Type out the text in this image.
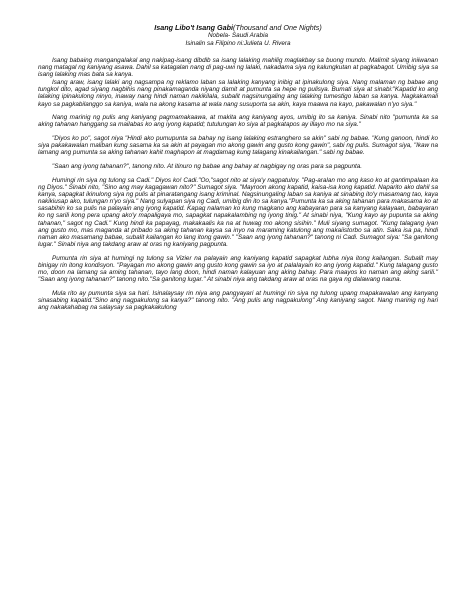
Isang Libo't Isang Gabi(Thousand and One Nights)
Nobela- Saudi Arabia
Isinalin sa Filipino ni:Julieta U. Rivera

Isang babaing mangangalakal ang nakipag-isang dibdib sa isang lalaking mahilig maglakbay sa buong mundo. Malimit siyang iniiwanan nang matagal ng kaniyang asawa. Dahil sa katagalan nang di pag-uwi ng lalaki, nakadama siya ng kalungkutan at pagkabagot. Umibig siya sa isang lalaking mas bata sa kanya.

Isang araw, isang lalaki ang nagsampa ng reklamo laban sa lalaking kanyang inibig at ipinakulong siya. Nang malaman ng babae ang tungkol dito, agad siyang nagbihis nang pinakamaganda niyang damit at pumunta sa hepe ng pulisya. Bumati siya at sinabi:"Kapatid ko ang lalaking ipinakulong ninyo, inaway nang hindi naman nakikilala, subalit nagsinungaling ang lalaking tumestigo laban sa kanya. Nagkakamali kayo sa pagkabilanggo sa kaniya, wala na akong kasama at wala nang susuporta sa akin, kaya maawa na kayo, pakawalan n'yo siya."

Nang marinig ng pulis ang kaniyang pagmamakaawa, at makita ang kaniyang ayos, umibig ito sa kaniya. Sinabi nito "pumunta ka sa aking tahanan hanggang sa mailabas ko ang iyong kapatid; tutulungan ko siya at pagkatapos ay illayo mo na siya."

"Diyos ko po", sagot niya "Hindi ako pumupunta sa bahay ng isang lalaking estrangherо sa akin" sabi ng babae. "Kung ganoon, hindi ko siya pakakawalan maliban kung sasama ka sa akin at payagan mo akong gawin ang gusto kong gawin", sabi ng pulis. Sumagot siya, "Ikaw na lamang ang pumunta sa aking tahanan kahit maghapon at magdamag kung talagang kinakailangan." sabi ng babae.

"Saan ang iyong tahanan?", tanong nito. At itinuro ng babae ang bahay at nagbigay ng oras para sa pagpunta.

Humingi rin siya ng tulong sa Cadi." Diyos ko! Cadi."Oo,"sagot nito at siya'y nagpatuloy. "Pag-aralan mo ang kaso ko at gantimpalaan ka ng Diyos." Sinabi nito, "Sino ang may kagagawan nito?" Sumagot siya. "Mayroon akong kapatid, kaisa-isa kong kapatid. Naparito ako dahil sa kanya, sapagkat ikinulong siya ng pulis at pinaratangang isang kriminal. Nagsinungaling laban sa kaniya at sinabing ito'y masamang tao, kaya nakikiusap ako, tulungan n'yo siya." Nang sulyapan siya ng Cadi, umibig din ito sa kanya."Pumunta ka sa aking tahanan para makasama ko at sasabihin ko sa pulis na palayain ang iyong kapatid. Kapag nalaman ko kung magkano ang kabayaran para sa kanyang kalayaan, babayaran ko ng sarili kong pera upang ako'y mapaligaya mo, sapagkat napakalambing ng iyong tinig." At sinabi niya, "Kung kayo ay pupunta sa aking tahanan," sagot ng Cadi." Kung hindi ka papayag, makakaalis ka na at huwag mo akong sisihin." Muli siyang sumagot. "Kung talagang iyan ang gusto mo, mas maganda at pribado sa aking tahanan kaysa sa inyo na maraming katulong ang makaiistorbo sa atin. Saka isa pa, hindi naman ako masamang babae, subalit kailangan ko lang itong gawin." "Saan ang iyong tahanan?" tanong ni Cadi. Sumagot siya: "Sa ganitong lugar." Sinabi niya ang takdang araw at oras ng kaniyang pagpunta.

Pumunta rin siya at humingi ng tulong sa Vizier na palayain ang kaniyang kapatid sapagkat lubha niya itong kailangan. Subalit may binigay rin itong kondisyon. "Payagan mo akong gawin ang gusto kong gawin sa iyo at palalayain ko ang iyong kapatid." Kung talagang gusto mo, doon na lamang sa aming tahanan, tayo lang doon, hindi naman kalayuan ang aking bahay. Para maayos ko naman ang aking sarili." "Saan ang iyong tahanan?" tanong nito."Sa ganitong lugar." At sinabi niya ang takdang araw at oras na gaya ng dalawang nauna.

Mula rito ay pumunta siya sa hari. Isinalaysay rin niya ang pangyayari at humingi rin siya ng tulong upang mapakawalan ang kanyang sinasabing kapatid."Sino ang nagpakulong sa kanya?" tanong nito. "Ang pulis ang nagpakulong" Ang kaniyang sagot. Nang marinig ng hari ang nakakahabag na salaysay sa pagkakakulong
